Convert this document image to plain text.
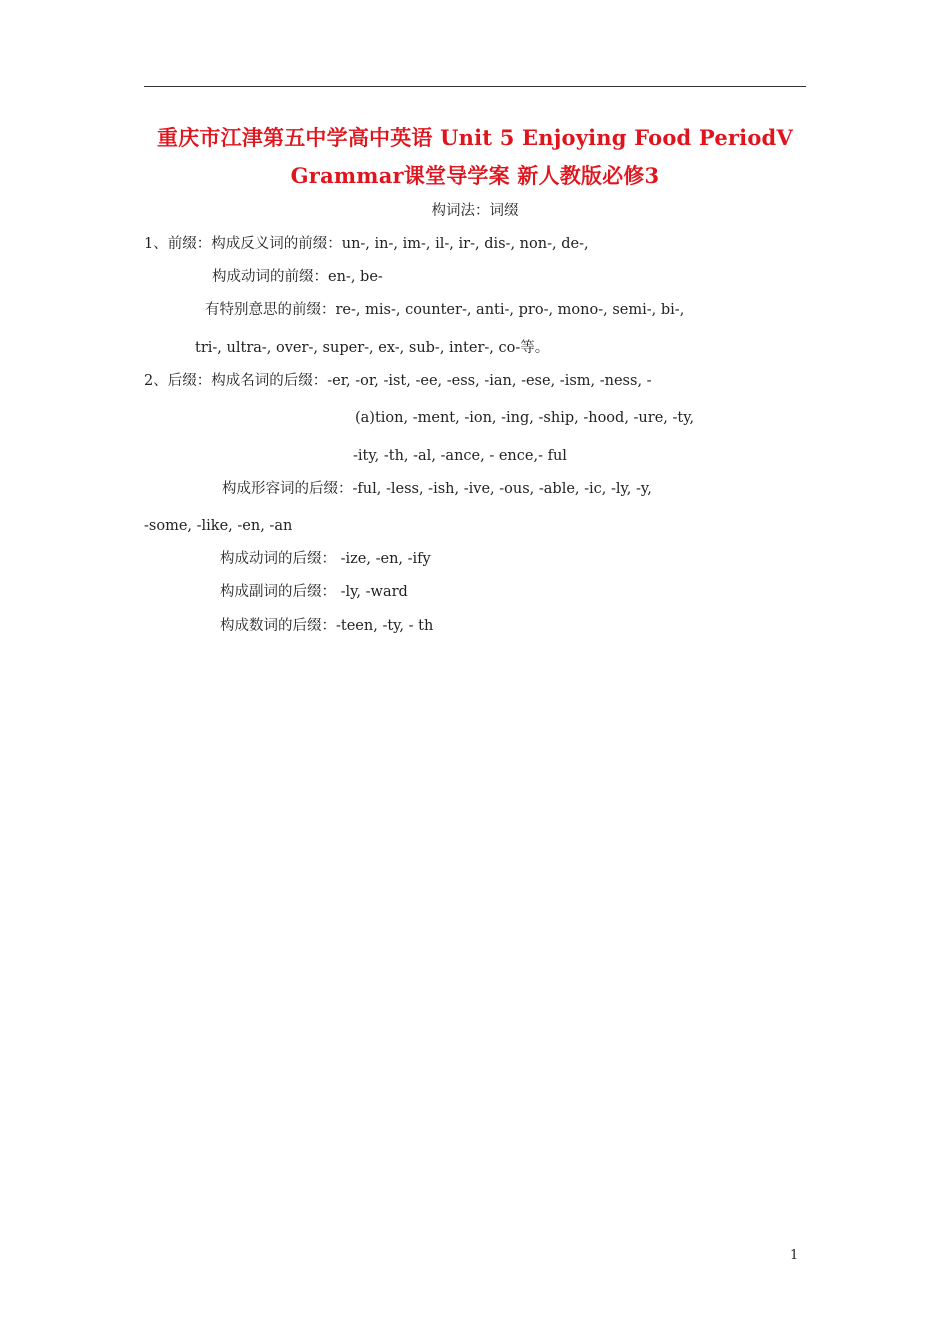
重庆市江津第五中学高中英语 Unit 5 Enjoying Food PeriodⅤ
Grammar课堂导学案 新人教版必修3
构词法：词缀
1、前缀：构成反义词的前缀：un-, in-, im-, il-, ir-, dis-, non-, de-,
构成动词的前缀：en-, be-
有特别意思的前缀：re-, mis-, counter-, anti-, pro-, mono-, semi-, bi-,
tri-, ultra-, over-, super-, ex-, sub-, inter-, co-等。
2、后缀：构成名词的后缀：-er, -or, -ist, -ee, -ess, -ian, -ese, -ism, -ness, -
(a)tion, -ment, -ion, -ing, -ship, -hood, -ure, -ty,
-ity, -th, -al, -ance, - ence,- ful
构成形容词的后缀：-ful, -less, -ish, -ive, -ous, -able, -ic, -ly, -y,
-some, -like, -en, -an
构成动词的后缀： -ize, -en, -ify
构成副词的后缀： -ly, -ward
构成数词的后缀：-teen, -ty, - th
1
